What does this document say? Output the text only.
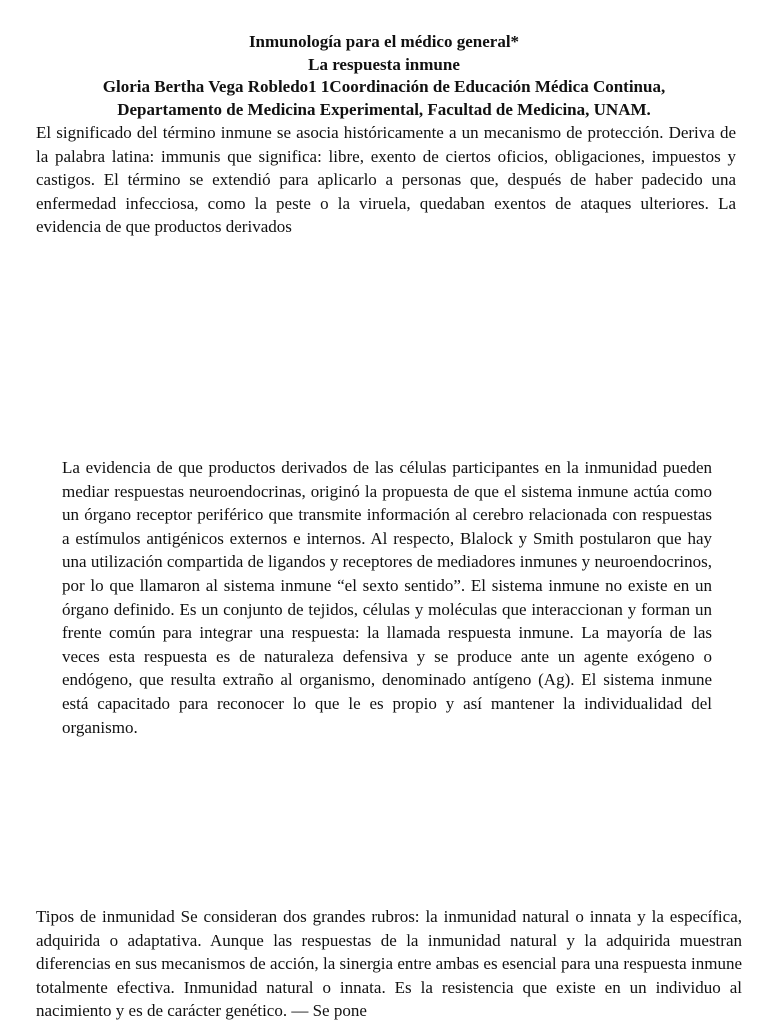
Inmunología para el médico general*
La respuesta inmune
Gloria Bertha Vega Robledo1 1Coordinación de Educación Médica Continua,
Departamento de Medicina Experimental, Facultad de Medicina, UNAM.

El significado del término inmune se asocia históricamente a un mecanismo de protección. Deriva de la palabra latina: immunis que significa: libre, exento de ciertos oficios, obligaciones, impuestos y castigos. El término se extendió para aplicarlo a personas que, después de haber padecido una enfermedad infecciosa, como la peste o la viruela, quedaban exentos de ataques ulteriores. La evidencia de que productos derivados

La evidencia de que productos derivados de las células participantes en la inmunidad pueden mediar respuestas neuroendocrinas, originó la propuesta de que el sistema inmune actúa como un órgano receptor periférico que transmite información al cerebro relacionada con respuestas a estímulos antigénicos externos e internos. Al respecto, Blalock y Smith postularon que hay una utilización compartida de ligandos y receptores de mediadores inmunes y neuroendocrinos, por lo que llamaron al sistema inmune “el sexto sentido”. El sistema inmune no existe en un órgano definido. Es un conjunto de tejidos, células y moléculas que interaccionan y forman un frente común para integrar una respuesta: la llamada respuesta inmune. La mayoría de las veces esta respuesta es de naturaleza defensiva y se produce ante un agente exógeno o endógeno, que resulta extraño al organismo, denominado antígeno (Ag). El sistema inmune está capacitado para reconocer lo que le es propio y así mantener la individualidad del organismo.

Tipos de inmunidad Se consideran dos grandes rubros: la inmunidad natural o innata y la específica, adquirida o adaptativa. Aunque las respuestas de la inmunidad natural y la adquirida muestran diferencias en sus mecanismos de acción, la sinergia entre ambas es esencial para una respuesta inmune totalmente efectiva. Inmunidad natural o innata. Es la resistencia que existe en un individuo al nacimiento y es de carácter genético. — Se pone
